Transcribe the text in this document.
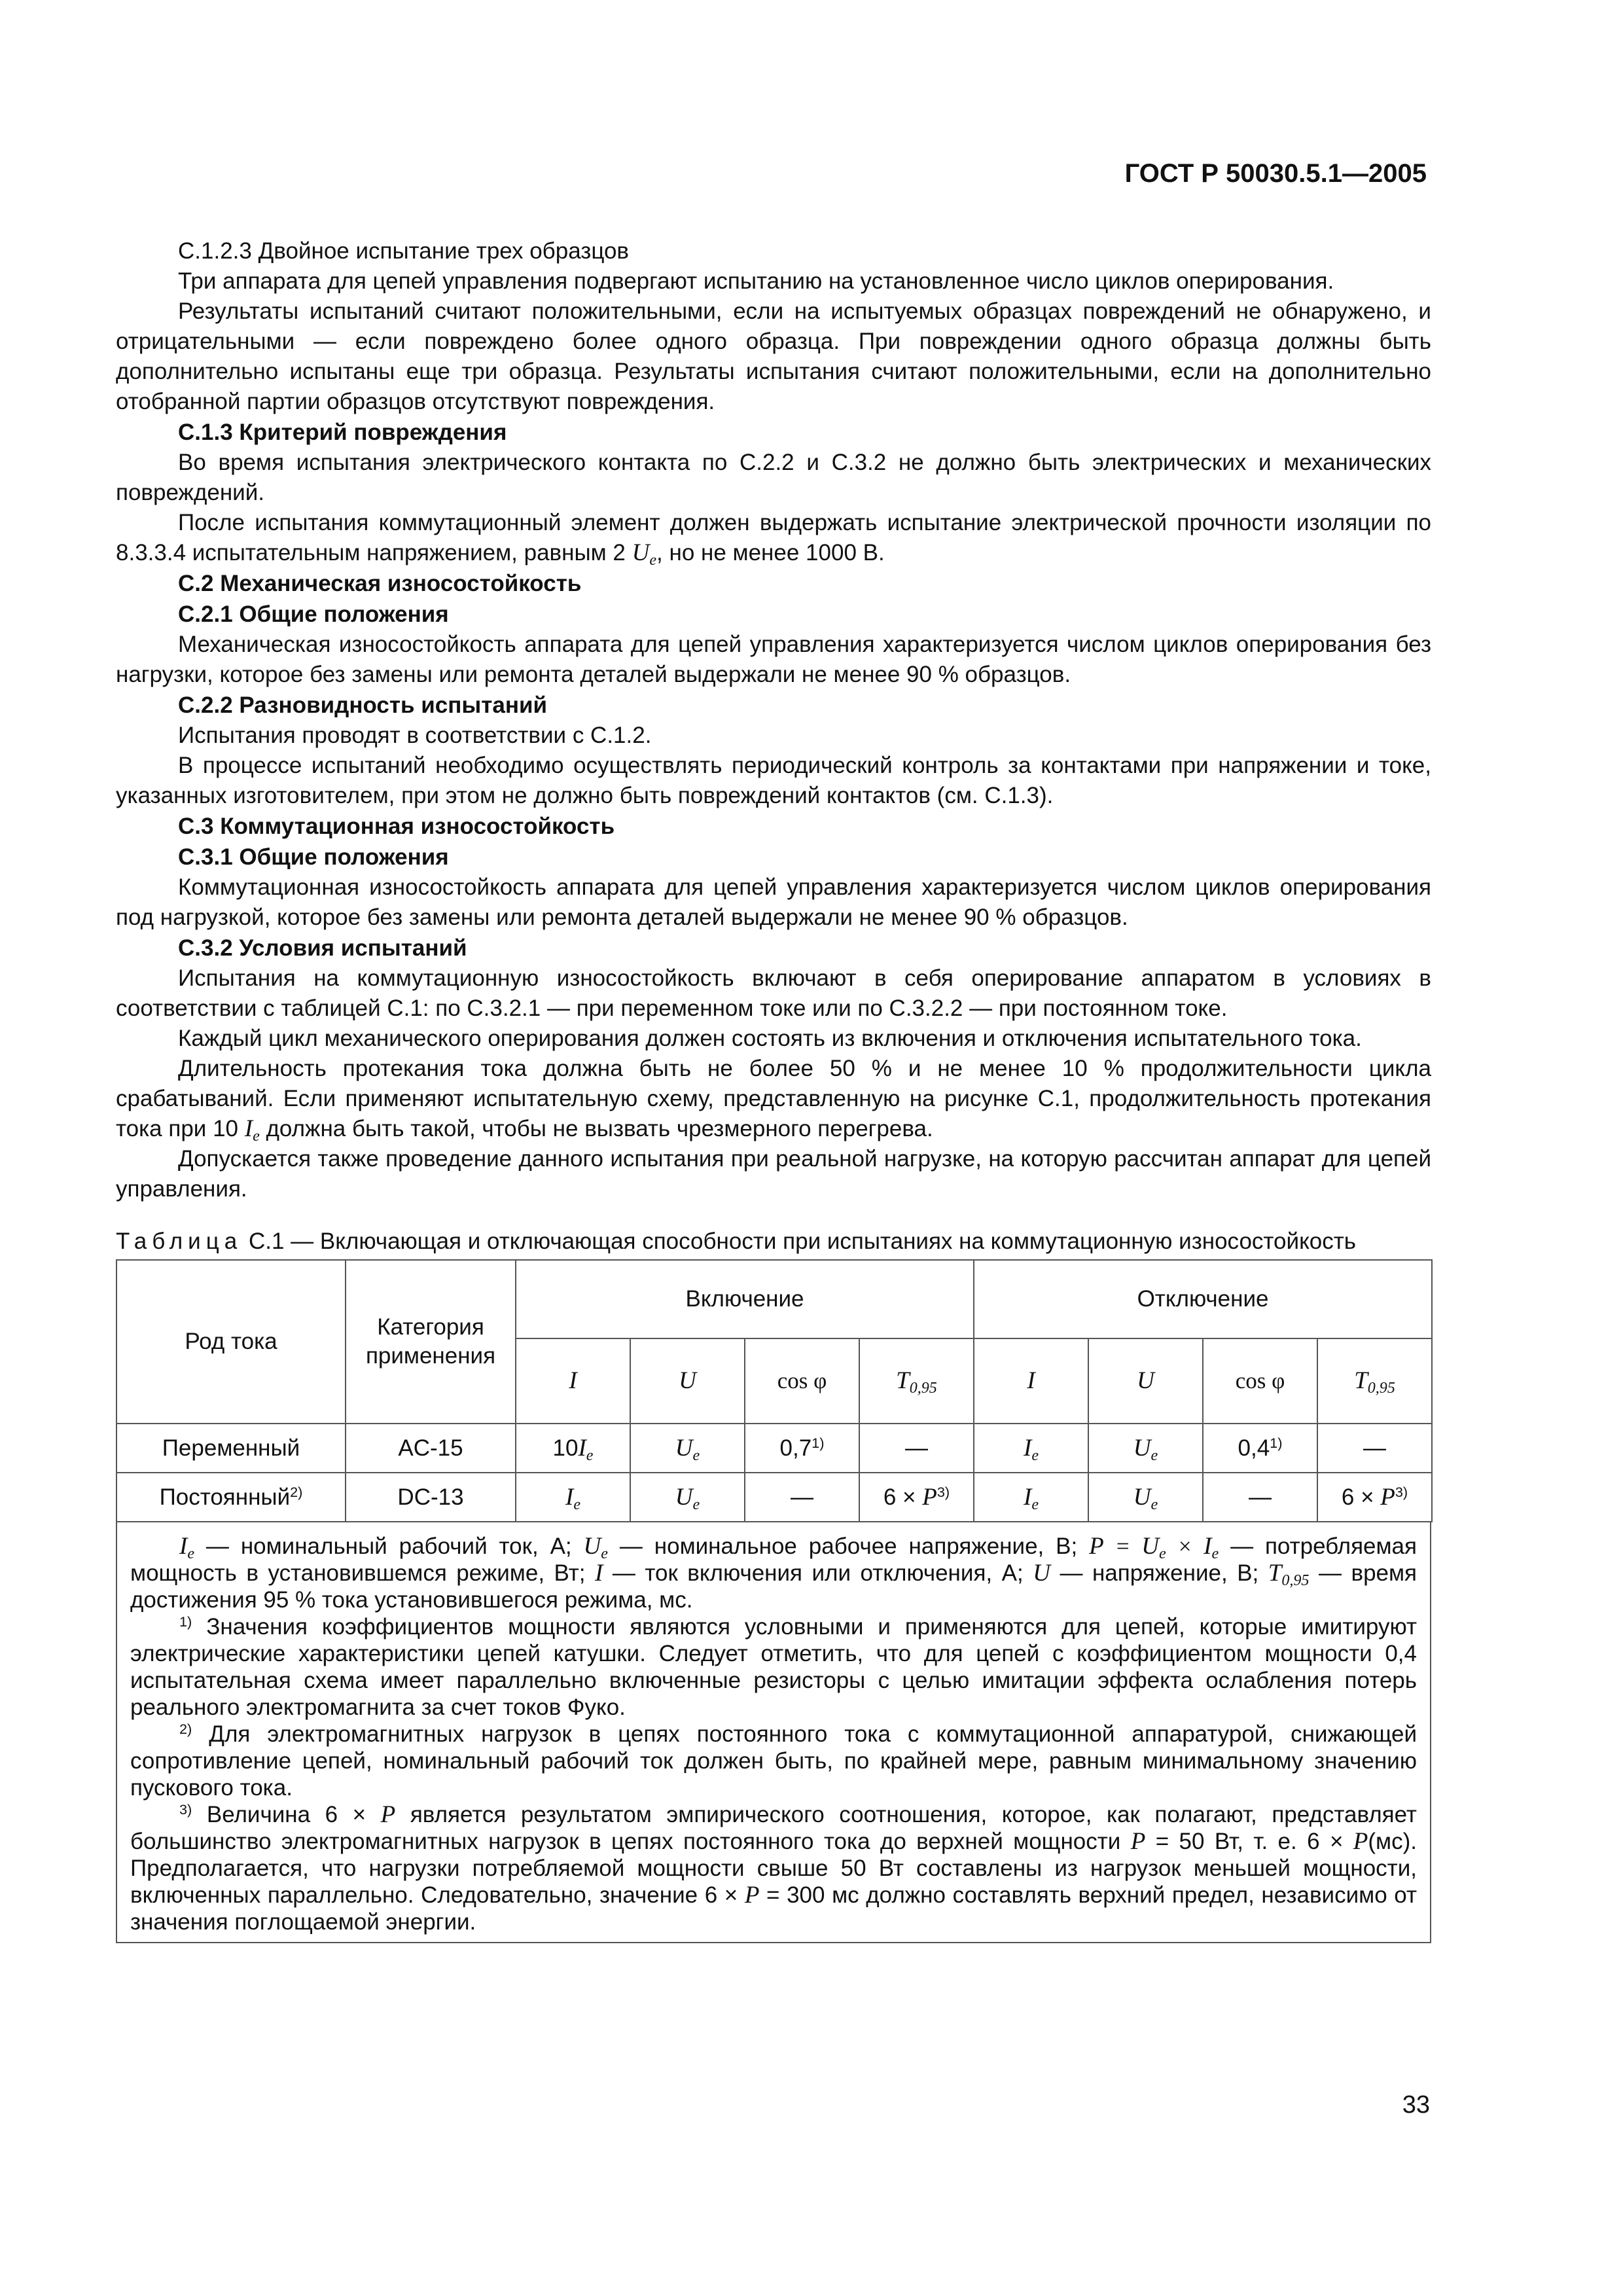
ГОСТ Р 50030.5.1—2005

С.1.2.3 Двойное испытание трех образцов

Три аппарата для цепей управления подвергают испытанию на установленное число циклов оперирования.

Результаты испытаний считают положительными, если на испытуемых образцах повреждений не обнаружено, и отрицательными — если повреждено более одного образца. При повреждении одного образца должны быть дополнительно испытаны еще три образца. Результаты испытания считают положительными, если на дополнительно отобранной партии образцов отсутствуют повреждения.

С.1.3 Критерий повреждения

Во время испытания электрического контакта по С.2.2 и С.3.2 не должно быть электрических и механических повреждений.

После испытания коммутационный элемент должен выдержать испытание электрической прочности изоляции по 8.3.3.4 испытательным напряжением, равным 2 $U_e$, но не менее 1000 В.

С.2 Механическая износостойкость

С.2.1 Общие положения

Механическая износостойкость аппарата для цепей управления характеризуется числом циклов оперирования без нагрузки, которое без замены или ремонта деталей выдержали не менее 90 % образцов.

С.2.2 Разновидность испытаний

Испытания проводят в соответствии с С.1.2.

В процессе испытаний необходимо осуществлять периодический контроль за контактами при напряжении и токе, указанных изготовителем, при этом не должно быть повреждений контактов (см. С.1.3).

С.3 Коммутационная износостойкость

С.3.1 Общие положения

Коммутационная износостойкость аппарата для цепей управления характеризуется числом циклов оперирования под нагрузкой, которое без замены или ремонта деталей выдержали не менее 90 % образцов.

С.3.2 Условия испытаний

Испытания на коммутационную износостойкость включают в себя оперирование аппаратом в условиях в соответствии с таблицей С.1: по С.3.2.1 — при переменном токе или по С.3.2.2 — при постоянном токе.

Каждый цикл механического оперирования должен состоять из включения и отключения испытательного тока.

Длительность протекания тока должна быть не более 50 % и не менее 10 % продолжительности цикла срабатываний. Если применяют испытательную схему, представленную на рисунке С.1, продолжительность протекания тока при 10 $I_e$ должна быть такой, чтобы не вызвать чрезмерного перегрева.

Допускается также проведение данного испытания при реальной нагрузке, на которую рассчитан аппарат для цепей управления.

Таблица С.1 — Включающая и отключающая способности при испытаниях на коммутационную износостойкость
Род тока	Категория применения	Включение				Отключение			
		I	U	cos φ	$T_{0,95}$	I	U	cos φ	$T_{0,95}$
Переменный	AC-15	$10I_e$	$U_e$	0,7$^{1)}$	—	$I_e$	$U_e$	0,4$^{1)}$	—
Постоянный$^{2)}$	DC-13	$I_e$	$U_e$	—	$6 \times P^{3)}$	$I_e$	$U_e$	—	$6 \times P^{3)}$

$I_e$ — номинальный рабочий ток, А; $U_e$ — номинальное рабочее напряжение, В; $P = U_e \times I_e$ — потребляемая мощность в установившемся режиме, Вт; I — ток включения или отключения, А; U — напряжение, В; $T_{0,95}$ — время достижения 95 % тока установившегося режима, мс.

$^{1)}$ Значения коэффициентов мощности являются условными и применяются для цепей, которые имитируют электрические характеристики цепей катушки. Следует отметить, что для цепей с коэффициентом мощности 0,4 испытательная схема имеет параллельно включенные резисторы с целью имитации эффекта ослабления потерь реального электромагнита за счет токов Фуко.

$^{2)}$ Для электромагнитных нагрузок в цепях постоянного тока с коммутационной аппаратурой, снижающей сопротивление цепей, номинальный рабочий ток должен быть, по крайней мере, равным минимальному значению пускового тока.

$^{3)}$ Величина 6 × P является результатом эмпирического соотношения, которое, как полагают, представляет большинство электромагнитных нагрузок в цепях постоянного тока до верхней мощности P = 50 Вт, т. е. 6 × P(мс). Предполагается, что нагрузки потребляемой мощности свыше 50 Вт составлены из нагрузок меньшей мощности, включенных параллельно. Следовательно, значение 6 × P = 300 мс должно составлять верхний предел, независимо от значения поглощаемой энергии.

33
